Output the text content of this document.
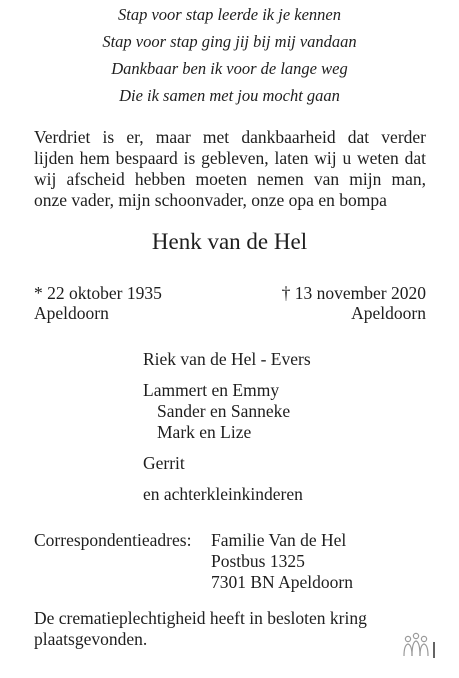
Stap voor stap leerde ik je kennen
Stap voor stap ging jij bij mij vandaan
Dankbaar ben ik voor de lange weg
Die ik samen met jou mocht gaan
Verdriet is er, maar met dankbaarheid dat verder
lijden hem bespaard is gebleven, laten wij u weten dat
wij afscheid hebben moeten nemen van mijn man,
onze vader, mijn schoonvader, onze opa en bompa
Henk van de Hel
* 22 oktober 1935
Apeldoorn
† 13 november 2020
Apeldoorn
Riek van de Hel - Evers
Lammert en Emmy
Sander en Sanneke
Mark en Lize
Gerrit
en achterkleinkinderen
Correspondentieadres: Familie Van de Hel
Postbus 1325
7301 BN Apeldoorn
De crematieplechtigheid heeft in besloten kring
plaatsgevonden.
